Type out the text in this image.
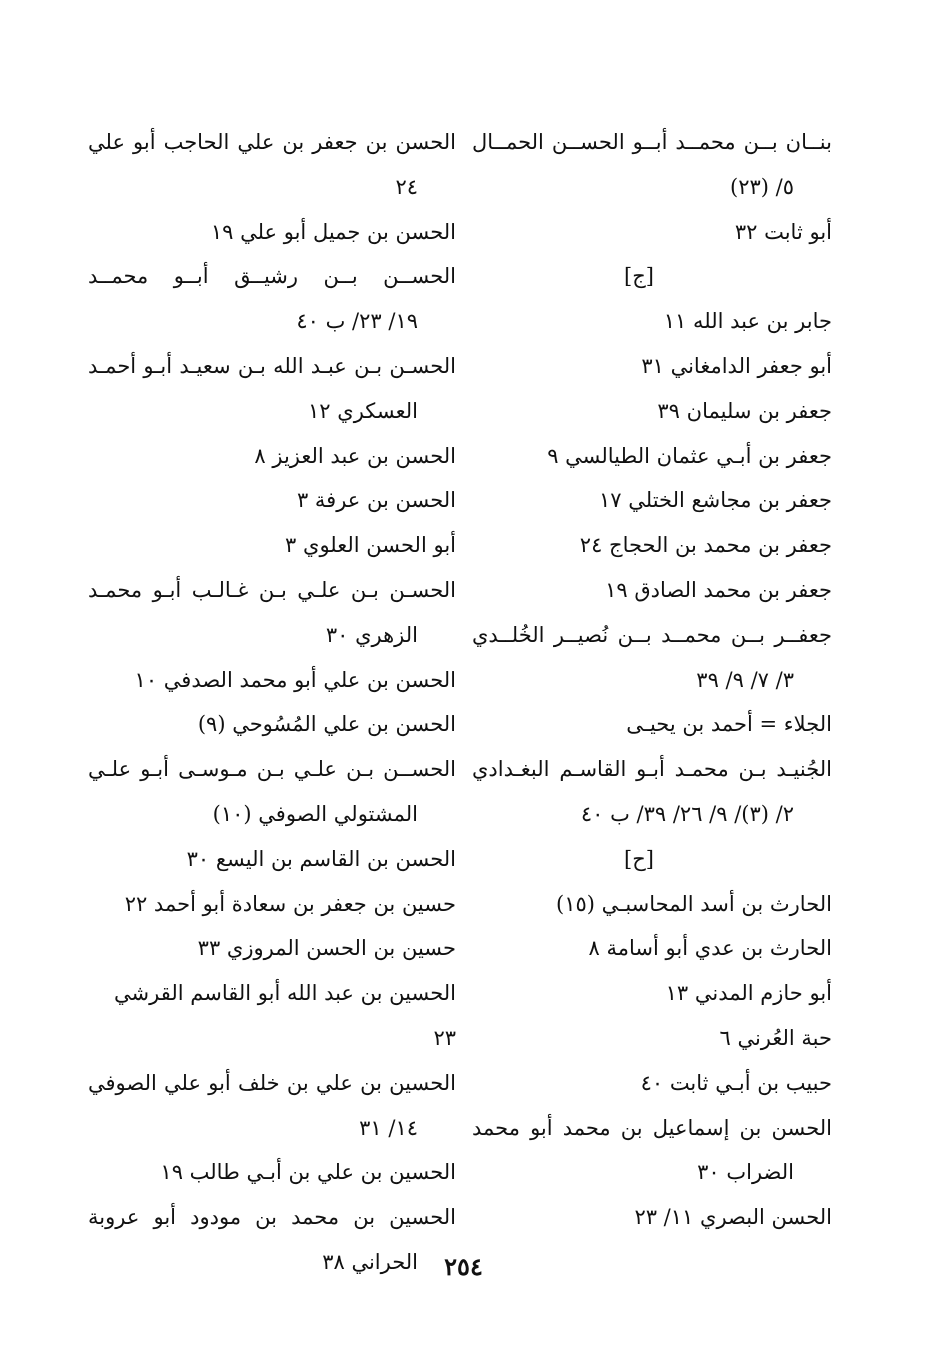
بنــان بــن محمــد أبــو الحســن الحمــال
٥/ (٢٣)
أبو ثابت ٣٢
[ج]
جابر بن عبد الله ١١
أبو جعفر الدامغاني ٣١
جعفر بن سليمان ٣٩
جعفر بن أبـي عثمان الطيالسي ٩
جعفر بن مجاشع الختلي ١٧
جعفر بن محمد بن الحجاج ٢٤
جعفر بن محمد الصادق ١٩
جعفــر بــن محمــد بــن نُصيــر الخُلــدي
٣/ ٧/ ٩/ ٣٩
الجلاء = أحمد بن يحيـى
الجُنيـد بـن محمـد أبـو القاسـم البغـدادي
٢/ (٣)/ ٩/ ٢٦/ ٣٩/ ب ٤٠
[ح]
الحارث بن أسد المحاسبـي (١٥)
الحارث بن عدي أبو أسامة ٨
أبو حازم المدني ١٣
حبة العُرني ٦
حبيب بن أبـي ثابت ٤٠
الحسن بن إسماعيل بن محمد أبو محمد
الضراب ٣٠
الحسن البصري ١١/ ٢٣
الحسن بن جعفر بن علي الحاجب أبو علي
٢٤
الحسن بن جميل أبو علي ١٩
الحســن بــن رشيــق أبــو محمــد
١٩/ ٢٣/ ب ٤٠
الحسـن بـن عبـد الله بـن سعيـد أبـو أحمـد
العسكري ١٢
الحسن بن عبد العزيز ٨
الحسن بن عرفة ٣
أبو الحسن العلوي ٣
الحسـن بـن علـي بـن غـالـب أبـو محمـد
الزهري ٣٠
الحسن بن علي أبو محمد الصدفي ١٠
الحسن بن علي المُسُوحي (٩)
الحســن بـن علـي بـن مـوسـى أبـو علـي
المشتولي الصوفي (١٠)
الحسن بن القاسم بن اليسع ٣٠
حسين بن جعفر بن سعادة أبو أحمد ٢٢
حسين بن الحسن المروزي ٣٣
الحسين بن عبد الله أبو القاسم القرشي ٢٣
الحسين بن علي بن خلف أبو علي الصوفي
١٤/ ٣١
الحسين بن علي بن أبـي طالب ١٩
الحسين بن محمد بن مودود أبو عروبة
الحراني ٣٨	٢٥٤
